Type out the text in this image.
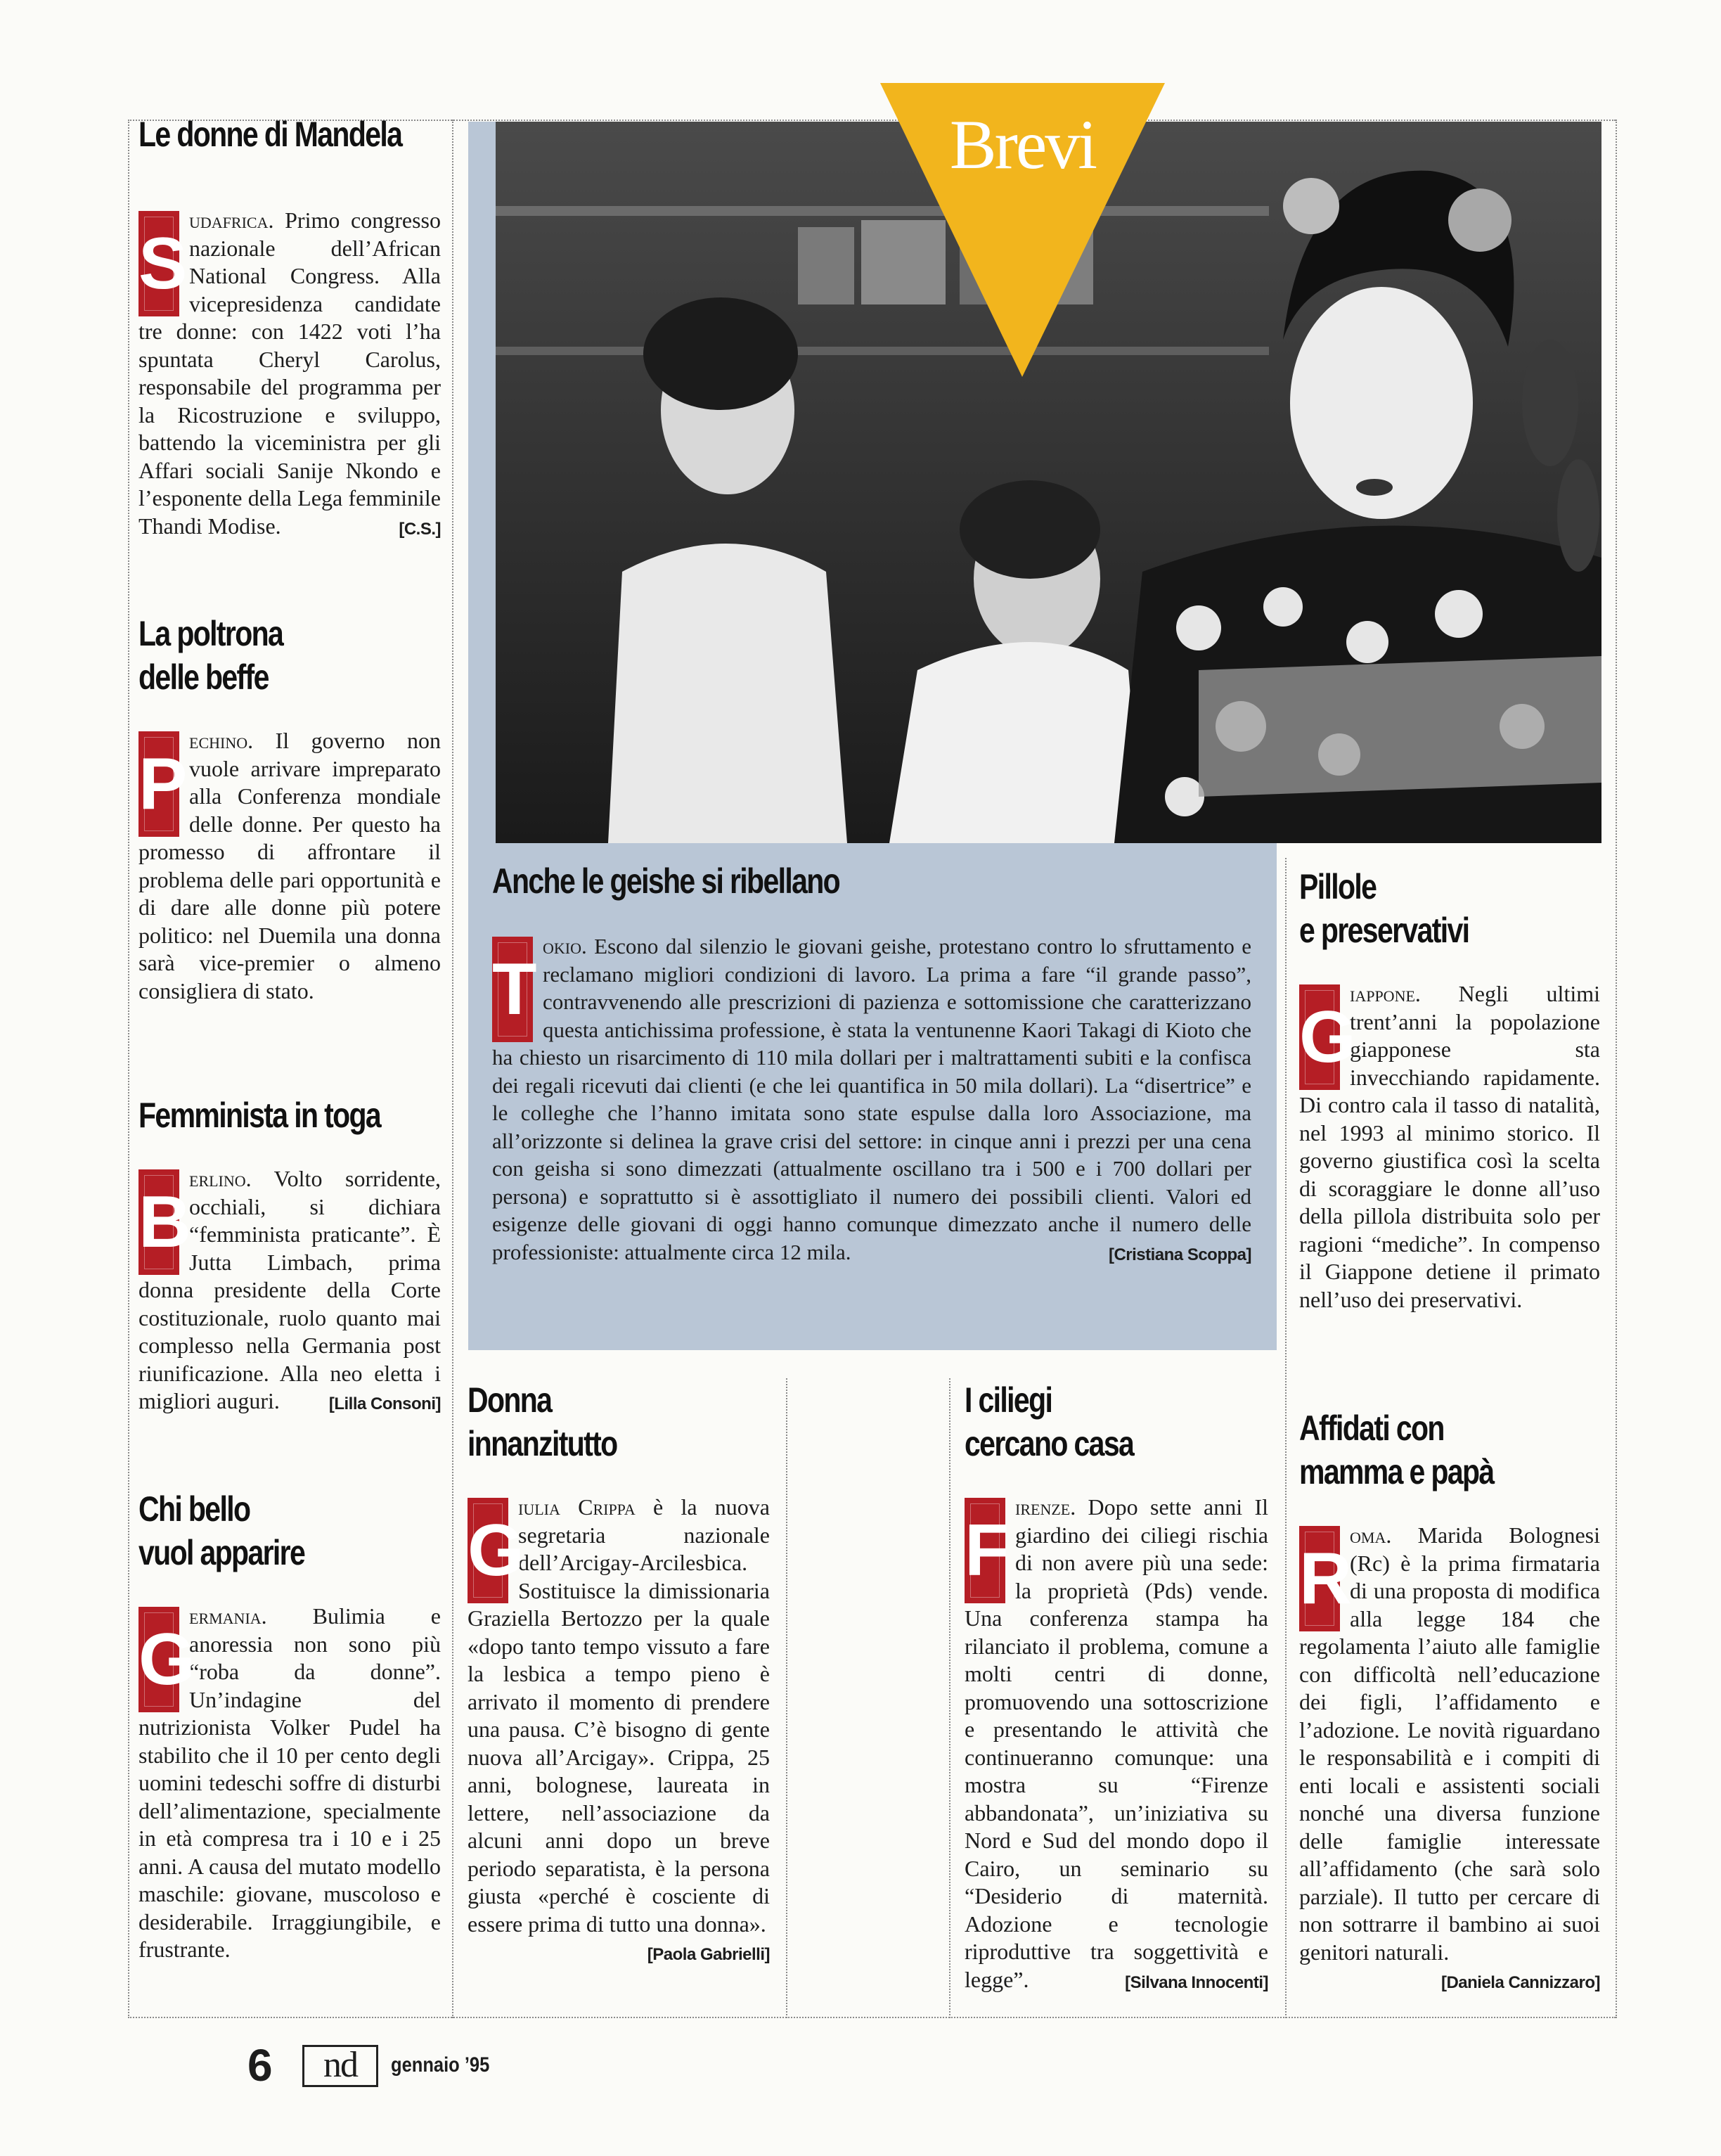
Brevi
Le donne di Mandela

S
udafrica. Primo congresso nazionale dell’African National Congress. Alla vicepresidenza candidate tre donne: con 1422 voti l’ha spuntata Cheryl Carolus, responsabile del programma per la Ricostruzione e sviluppo, battendo la viceministra per gli Affari sociali Sanije Nkondo e l’esponente della Lega femminile Thandi Modise.	[C.S.]

La poltrona
delle beffe

P
echino. Il governo non vuole arrivare impreparato alla Conferenza mondiale delle donne. Per questo ha promesso di affrontare il problema delle pari opportunità e di dare alle donne più potere politico: nel Duemila una donna sarà vice-premier o almeno consigliera di stato.

Femminista in toga

B
erlino. Volto sorridente, occhiali, si dichiara “femminista praticante”. È Jutta Limbach, prima donna presidente della Corte costituzionale, ruolo quanto mai complesso nella Germania post riunificazione. Alla neo eletta i migliori auguri.	[Lilla Consoni]

Chi bello
vuol apparire

G
ermania. Bulimia e anoressia non sono più “roba da donne”. Un’indagine del nutrizionista Volker Pudel ha stabilito che il 10 per cento degli uomini tedeschi soffre di disturbi dell’alimentazione, specialmente in età compresa tra i 10 e i 25 anni. A causa del mutato modello maschile: giovane, muscoloso e desiderabile. Irraggiungibile, e frustrante.

Anche le geishe si ribellano

T
okio. Escono dal silenzio le giovani geishe, protestano contro lo sfruttamento e reclamano migliori condizioni di lavoro. La prima a fare “il grande passo”, contravvenendo alle prescrizioni di pazienza e sottomissione che caratterizzano questa antichissima professione, è stata la ventunenne Kaori Takagi di Kioto che ha chiesto un risarcimento di 110 mila dollari per i maltrattamenti subiti e la confisca dei regali ricevuti dai clienti (e che lei quantifica in 50 mila dollari). La “disertrice” e le colleghe che l’hanno imitata sono state espulse dalla loro Associazione, ma all’orizzonte si delinea la grave crisi del settore: in cinque anni i prezzi per una cena con geisha si sono dimezzati (attualmente oscillano tra i 500 e i 700 dollari per persona) e soprattutto si è assottigliato il numero dei possibili clienti. Valori ed esigenze delle giovani di oggi hanno comunque dimezzato anche il numero delle professioniste: attualmente circa 12 mila.	[Cristiana Scoppa]

Pillole
e preservativi

G
iappone. Negli ultimi trent’anni la popolazione giapponese sta invecchiando rapidamente. Di contro cala il tasso di natalità, nel 1993 al minimo storico. Il governo giustifica così la scelta di scoraggiare le donne all’uso della pillola distribuita solo per ragioni “mediche”. In compenso il Giappone detiene il primato nell’uso dei preservativi.

Affidati con
mamma e papà

R
oma. Marida Bolognesi (Rc) è la prima firmataria di una proposta di modifica alla legge 184 che regolamenta l’aiuto alle famiglie con difficoltà nell’educazione dei figli, l’affidamento e l’adozione. Le novità riguardano le responsabilità e i compiti di enti locali e assistenti sociali nonché una diversa funzione delle famiglie interessate all’affidamento (che sarà solo parziale). Il tutto per cercare di non sottrarre il bambino ai suoi genitori naturali.
[Daniela Cannizzaro]

Donna
innanzitutto

G
iulia Crippa è la nuova segretaria nazionale dell’Arcigay-Arcilesbica. Sostituisce la dimissionaria Graziella Bertozzo per la quale «dopo tanto tempo vissuto a fare la lesbica a tempo pieno è arrivato il momento di prendere una pausa. C’è bisogno di gente nuova all’Arcigay». Crippa, 25 anni, bolognese, laureata in lettere, nell’associazione da alcuni anni dopo un breve periodo separatista, è la persona giusta «perché è cosciente di essere prima di tutto una donna».
[Paola Gabrielli]

I ciliegi
cercano casa

F
irenze. Dopo sette anni Il giardino dei ciliegi rischia di non avere più una sede: la proprietà (Pds) vende. Una conferenza stampa ha rilanciato il problema, comune a molti centri di donne, promuovendo una sottoscrizione e presentando le attività che continueranno comunque: una mostra su “Firenze abbandonata”, un’iniziativa su Nord e Sud del mondo dopo il Cairo, un seminario su “Desiderio di maternità. Adozione e tecnologie riproduttive tra soggettività e legge”.	[Silvana Innocenti]

6	nd	gennaio ’95
